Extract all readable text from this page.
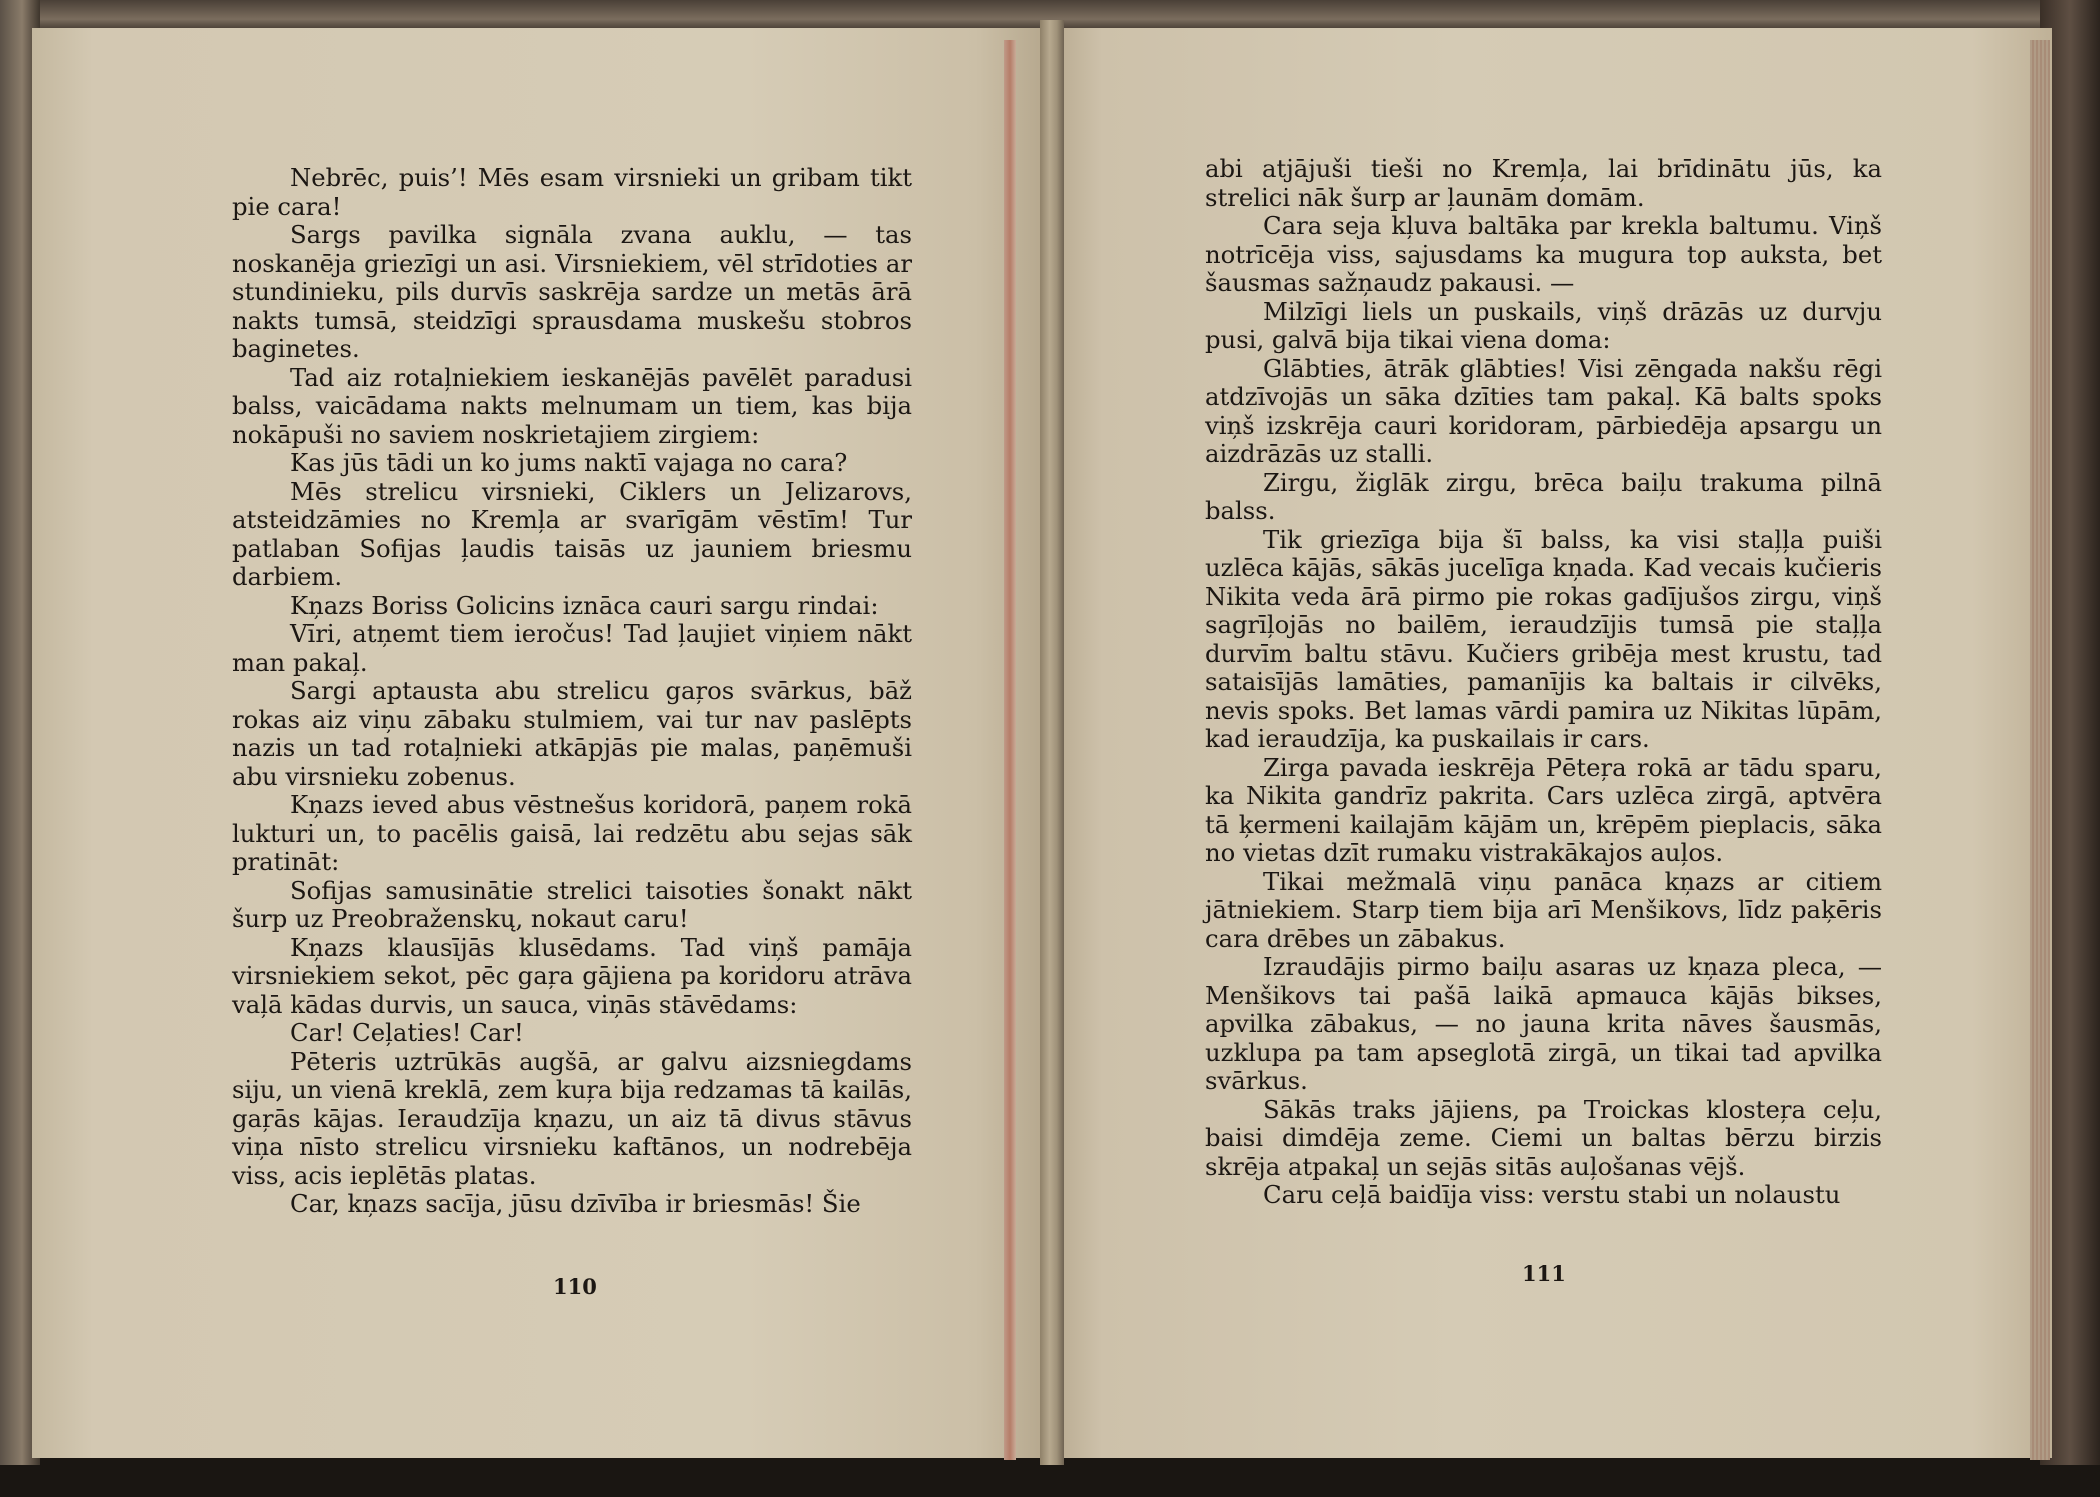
Nebrēc, puis’! Mēs esam virsnieki un gribam tikt pie cara!

Sargs pavilka signāla zvana auklu, — tas noskanēja griezīgi un asi. Virsniekiem, vēl strīdoties ar stundinieku, pils durvīs saskrēja sardze un metās ārā nakts tumsā, steidzīgi sprausdama muskešu stobros baginetes.

Tad aiz rotaļniekiem ieskanējās pavēlēt paradusi balss, vaicādama nakts melnumam un tiem, kas bija nokāpuši no saviem noskrietajiem zirgiem:

Kas jūs tādi un ko jums naktī vajaga no cara?

Mēs strelicu virsnieki, Ciklers un Jelizarovs, atsteidzāmies no Kremļa ar svarīgām vēstīm! Tur patlaban Sofijas ļaudis taisās uz jauniem briesmu darbiem.

Kņazs Boriss Golicins iznāca cauri sargu rindai:

Vīri, atņemt tiem ieročus! Tad ļaujiet viņiem nākt man pakaļ.

Sargi aptausta abu strelicu gaŗos svārkus, bāž rokas aiz viņu zābaku stulmiem, vai tur nav paslēpts nazis un tad rotaļnieki atkāpjās pie malas, paņēmuši abu virsnieku zobenus.

Kņazs ieved abus vēstnešus koridorā, paņem rokā lukturi un, to pacēlis gaisā, lai redzētu abu sejas sāk pratināt:

Sofijas samusinātie strelici taisoties šonakt nākt šurp uz Preobraženskų, nokaut caru!

Kņazs klausījās klusēdams. Tad viņš pamāja virsniekiem sekot, pēc gaŗa gājiena pa koridoru atrāva vaļā kādas durvis, un sauca, viņās stāvēdams:

Car! Ceļaties! Car!

Pēteris uztrūkās augšā, ar galvu aizsniegdams siju, un vienā kreklā, zem kuŗa bija redzamas tā kailās, gaŗās kājas. Ieraudzīja kņazu, un aiz tā divus stāvus viņa nīsto strelicu virsnieku kaftānos, un nodrebēja viss, acis ieplētās platas.

Car, kņazs sacīja, jūsu dzīvība ir briesmās! Šie

110

abi atjājuši tieši no Kremļa, lai brīdinātu jūs, ka strelici nāk šurp ar ļaunām domām.

Cara seja kļuva baltāka par krekla baltumu. Viņš notrīcēja viss, sajusdams ka mugura top auksta, bet šausmas sažņaudz pakausi. —

Milzīgi liels un puskails, viņš drāzās uz durvju pusi, galvā bija tikai viena doma:

Glābties, ātrāk glābties! Visi zēngada nakšu rēgi atdzīvojās un sāka dzīties tam pakaļ. Kā balts spoks viņš izskrēja cauri koridoram, pārbiedēja apsargu un aizdrāzās uz stalli.

Zirgu, žiglāk zirgu, brēca baiļu trakuma pilnā balss.

Tik griezīga bija šī balss, ka visi staļļa puiši uzlēca kājās, sākās jucelīga kņada. Kad vecais kučieris Nikita veda ārā pirmo pie rokas gadījušos zirgu, viņš sagrīļojās no bailēm, ieraudzījis tumsā pie staļļa durvīm baltu stāvu. Kučiers gribēja mest krustu, tad sataisījās lamāties, pamanījis ka baltais ir cilvēks, nevis spoks. Bet lamas vārdi pamira uz Nikitas lūpām, kad ieraudzīja, ka puskailais ir cars.

Zirga pavada ieskrēja Pēteŗa rokā ar tādu sparu, ka Nikita gandrīz pakrita. Cars uzlēca zirgā, aptvēra tā ķermeni kailajām kājām un, krēpēm pieplacis, sāka no vietas dzīt rumaku vistrakākajos auļos.

Tikai mežmalā viņu panāca kņazs ar citiem jātniekiem. Starp tiem bija arī Menšikovs, līdz paķēris cara drēbes un zābakus.

Izraudājis pirmo baiļu asaras uz kņaza pleca, — Menšikovs tai pašā laikā apmauca kājās bikses, apvilka zābakus, — no jauna krita nāves šausmās, uzklupa pa tam apseglotā zirgā, un tikai tad apvilka svārkus.

Sākās traks jājiens, pa Troickas klosteŗa ceļu, baisi dimdēja zeme. Ciemi un baltas bērzu birzis skrēja atpakaļ un sejās sitās auļošanas vējš.

Caru ceļā baidīja viss: verstu stabi un nolaustu

111
